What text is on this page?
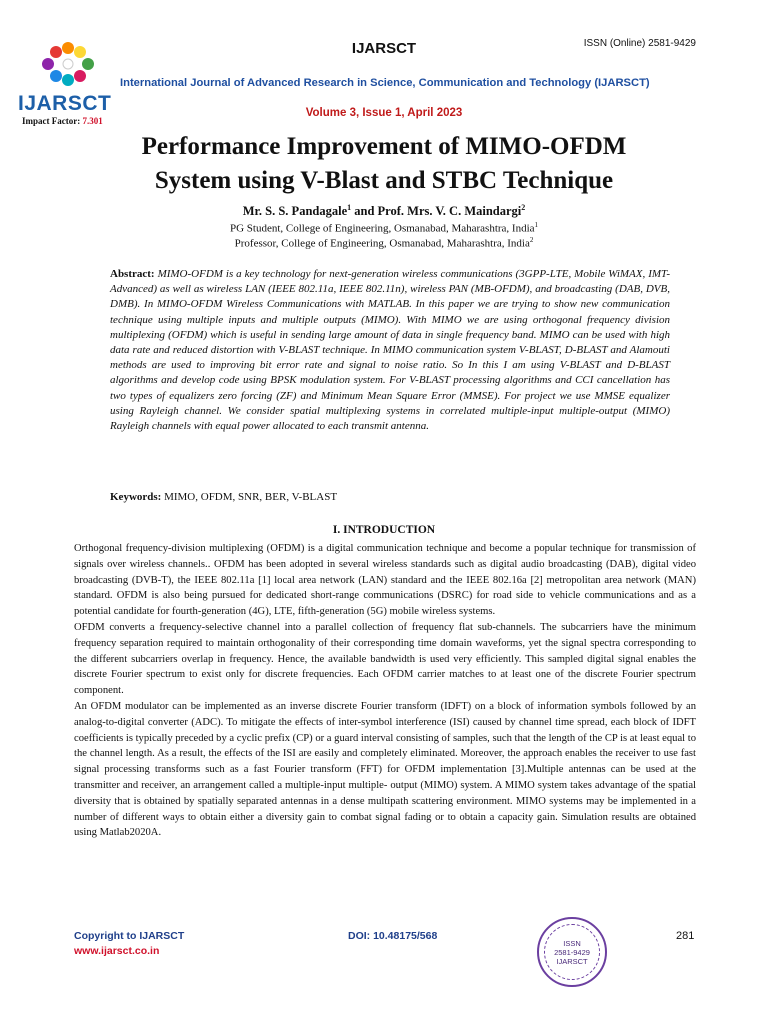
IJARSCT
Impact Factor: 7.301
IJARSCT	ISSN (Online) 2581-9429
International Journal of Advanced Research in Science, Communication and Technology (IJARSCT)
Volume 3, Issue 1, April 2023
Performance Improvement of MIMO-OFDM
System using V-Blast and STBC Technique
Mr. S. S. Pandagale$^1$ and Prof. Mrs. V. C. Maindargi$^2$
PG Student, College of Engineering, Osmanabad, Maharashtra, India$^1$
Professor, College of Engineering, Osmanabad, Maharashtra, India$^2$
Abstract: MIMO-OFDM is a key technology for next-generation wireless communications (3GPP-LTE, Mobile WiMAX, IMT-Advanced) as well as wireless LAN (IEEE 802.11a, IEEE 802.11n), wireless PAN (MB-OFDM), and broadcasting (DAB, DVB, DMB). In MIMO-OFDM Wireless Communications with MATLAB. In this paper we are trying to show new communication technique using multiple inputs and multiple outputs (MIMO). With MIMO we are using orthogonal frequency division multiplexing (OFDM) which is useful in sending large amount of data in single frequency band. MIMO can be used with high data rate and reduced distortion with V-BLAST technique. In MIMO communication system V-BLAST, D-BLAST and Alamouti methods are used to improving bit error rate and signal to noise ratio. So In this I am using V-BLAST and D-BLAST algorithms and develop code using BPSK modulation system. For V-BLAST processing algorithms and CCI cancellation has two types of equalizers zero forcing (ZF) and Minimum Mean Square Error (MMSE). For project we use MMSE equalizer using Rayleigh channel. We consider spatial multiplexing systems in correlated multiple-input multiple-output (MIMO) Rayleigh channels with equal power allocated to each transmit antenna.
Keywords: MIMO, OFDM, SNR, BER, V-BLAST
I. INTRODUCTION

Orthogonal frequency-division multiplexing (OFDM) is a digital communication technique and become a popular technique for transmission of signals over wireless channels.. OFDM has been adopted in several wireless standards such as digital audio broadcasting (DAB), digital video broadcasting (DVB-T), the IEEE 802.11a [1] local area network (LAN) standard and the IEEE 802.16a [2] metropolitan area network (MAN) standard. OFDM is also being pursued for dedicated short-range communications (DSRC) for road side to vehicle communications and as a potential candidate for fourth-generation (4G), LTE, fifth-generation (5G) mobile wireless systems.

OFDM converts a frequency-selective channel into a parallel collection of frequency flat sub-channels. The subcarriers have the minimum frequency separation required to maintain orthogonality of their corresponding time domain waveforms, yet the signal spectra corresponding to the different subcarriers overlap in frequency. Hence, the available bandwidth is used very efficiently. This sampled digital signal enables the discrete Fourier spectrum to exist only for discrete frequencies. Each OFDM carrier matches to at least one of the discrete Fourier spectrum component.

An OFDM modulator can be implemented as an inverse discrete Fourier transform (IDFT) on a block of information symbols followed by an analog-to-digital converter (ADC). To mitigate the effects of inter-symbol interference (ISI) caused by channel time spread, each block of IDFT coefficients is typically preceded by a cyclic prefix (CP) or a guard interval consisting of samples, such that the length of the CP is at least equal to the channel length. As a result, the effects of the ISI are easily and completely eliminated. Moreover, the approach enables the receiver to use fast signal processing transforms such as a fast Fourier transform (FFT) for OFDM implementation [3].Multiple antennas can be used at the transmitter and receiver, an arrangement called a multiple-input multiple- output (MIMO) system. A MIMO system takes advantage of the spatial diversity that is obtained by spatially separated antennas in a dense multipath scattering environment. MIMO systems may be implemented in a number of different ways to obtain either a diversity gain to combat signal fading or to obtain a capacity gain. Simulation results are obtained using Matlab2020A.

Copyright to IJARSCT
www.ijarsct.co.in
DOI: 10.48175/568
ISSN
2581-9429
IJARSCT
281
